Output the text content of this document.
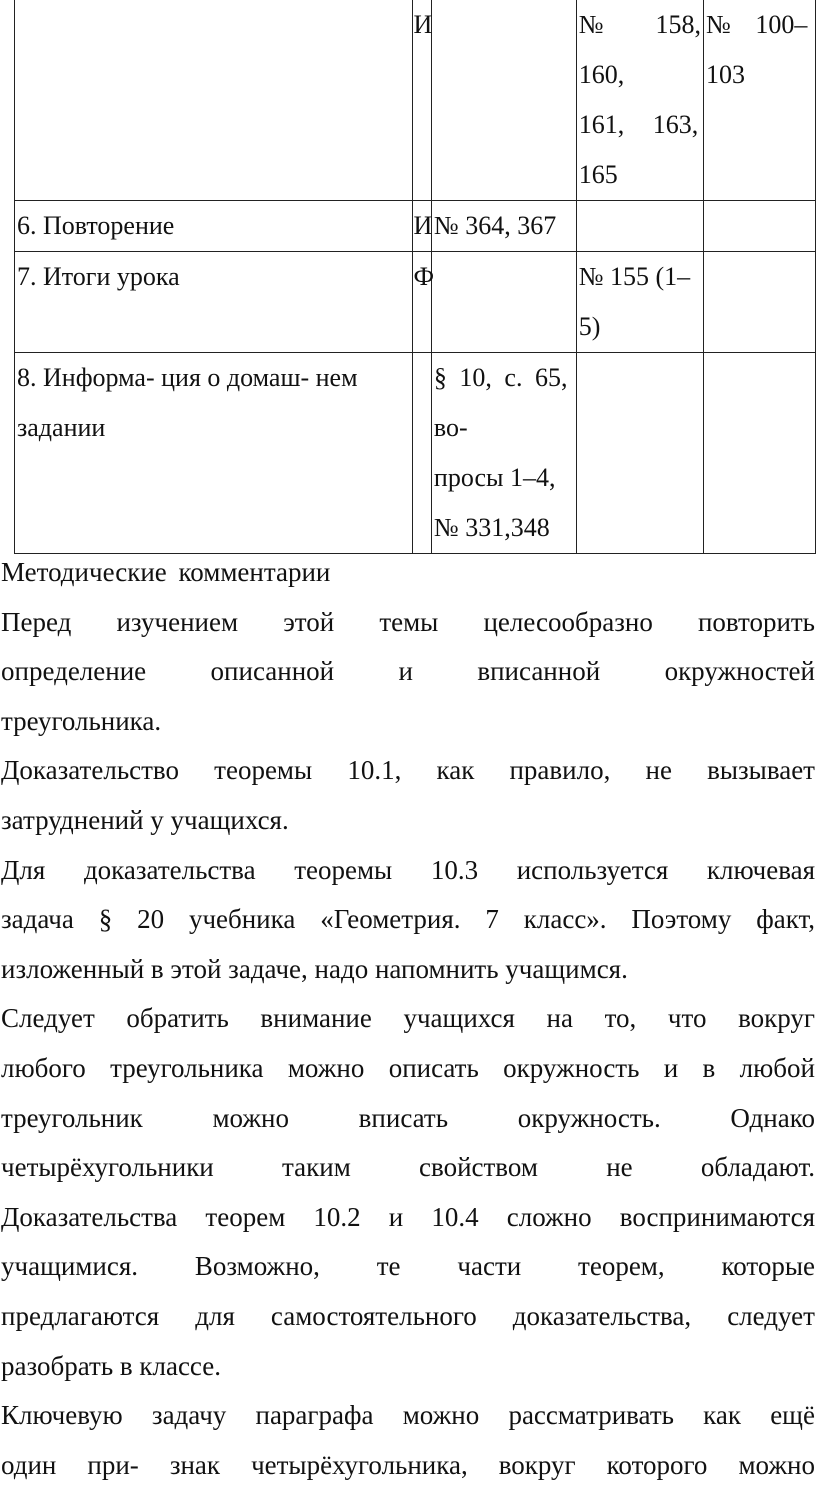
	И		№ 158,
160,
161, 163,
165	№ 100–
103

6. Повторение	И	№ 364, 367		

7. Итоги урока	Ф		№ 155 (1–
5)	

8. Информа- ция о домаш- нем
задании		§ 10, с. 65,
во-
просы 1–4,
№ 331,348		

Методические комментарии

Перед изучением этой темы целесообразно повторить
определение описанной и вписанной окружностей
треугольника.

Доказательство теоремы 10.1, как правило, не вызывает
затруднений у учащихся.

Для доказательства теоремы 10.3 используется ключевая
задача § 20 учебника «Геометрия. 7 класс». Поэтому факт,
изложенный в этой задаче, надо напомнить учащимся.

Следует обратить внимание учащихся на то, что вокруг
любого треугольника можно описать окружность и в любой
треугольник	можно	вписать	окружность.	Однако
четырёхугольники	таким	свойством	не	обладают.
Доказательства теорем 10.2 и 10.4 сложно воспринимаются
учащимися. Возможно, те части теорем, которые
предлагаются для самостоятельного доказательства, следует
разобрать в классе.

Ключевую задачу параграфа можно рассматривать как ещё
один при- знак четырёхугольника, вокруг которого можно
